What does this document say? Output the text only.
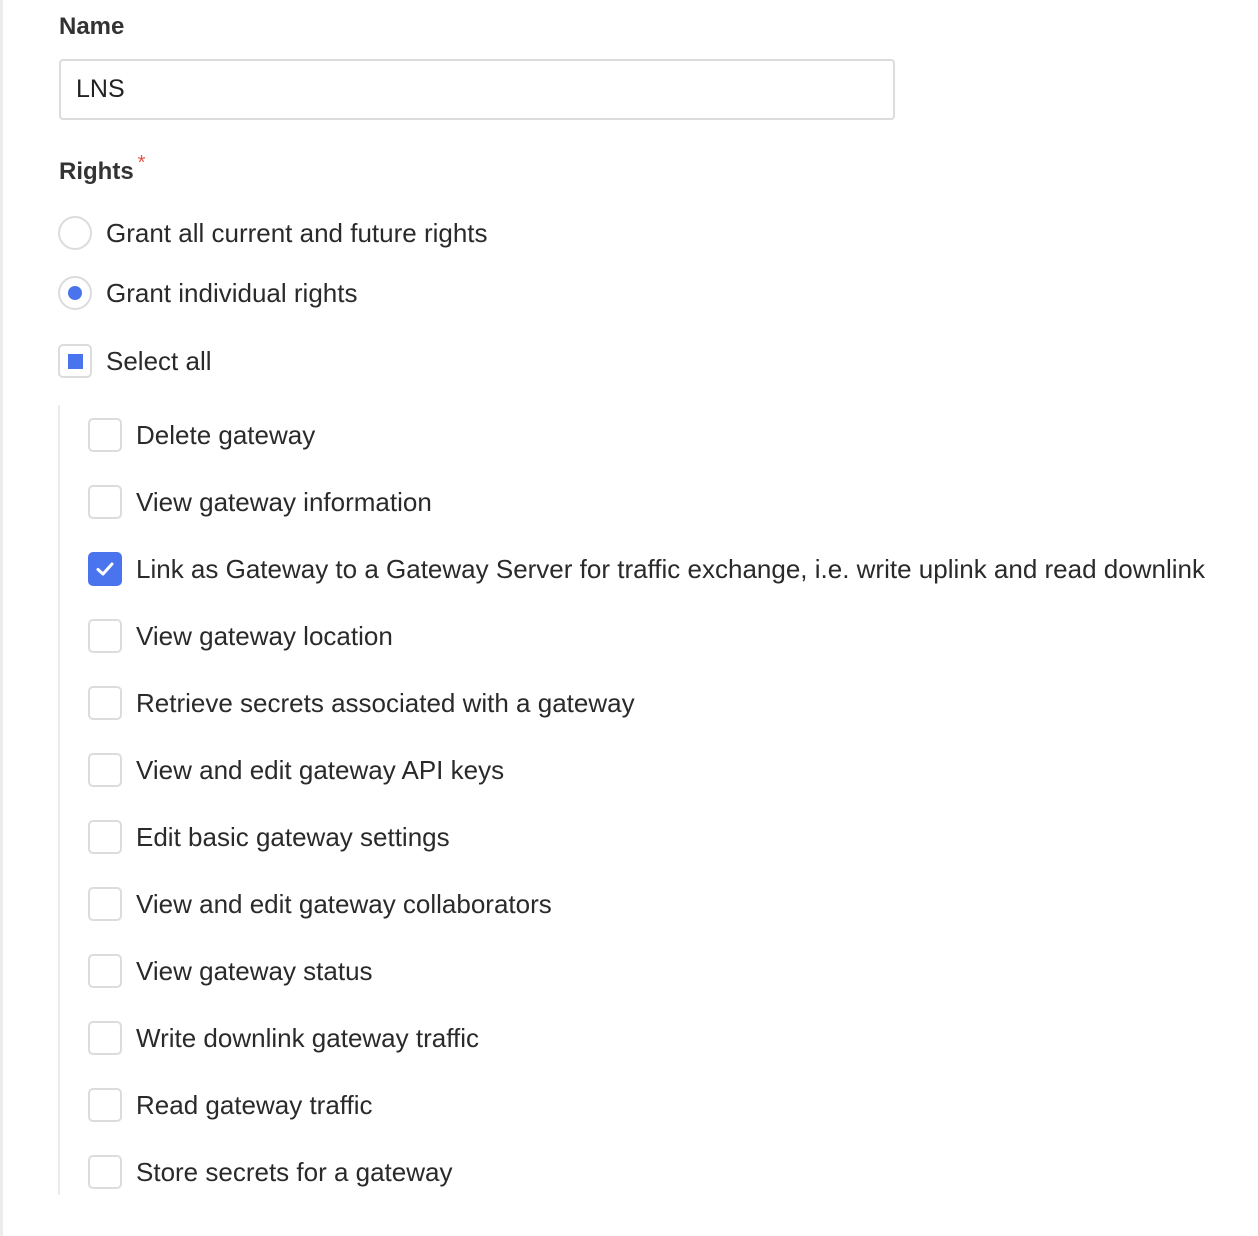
Name
LNS
Rights *
Grant all current and future rights
Grant individual rights
Select all
Delete gateway
View gateway information
Link as Gateway to a Gateway Server for traffic exchange, i.e. write uplink and read downlink
View gateway location
Retrieve secrets associated with a gateway
View and edit gateway API keys
Edit basic gateway settings
View and edit gateway collaborators
View gateway status
Write downlink gateway traffic
Read gateway traffic
Store secrets for a gateway
